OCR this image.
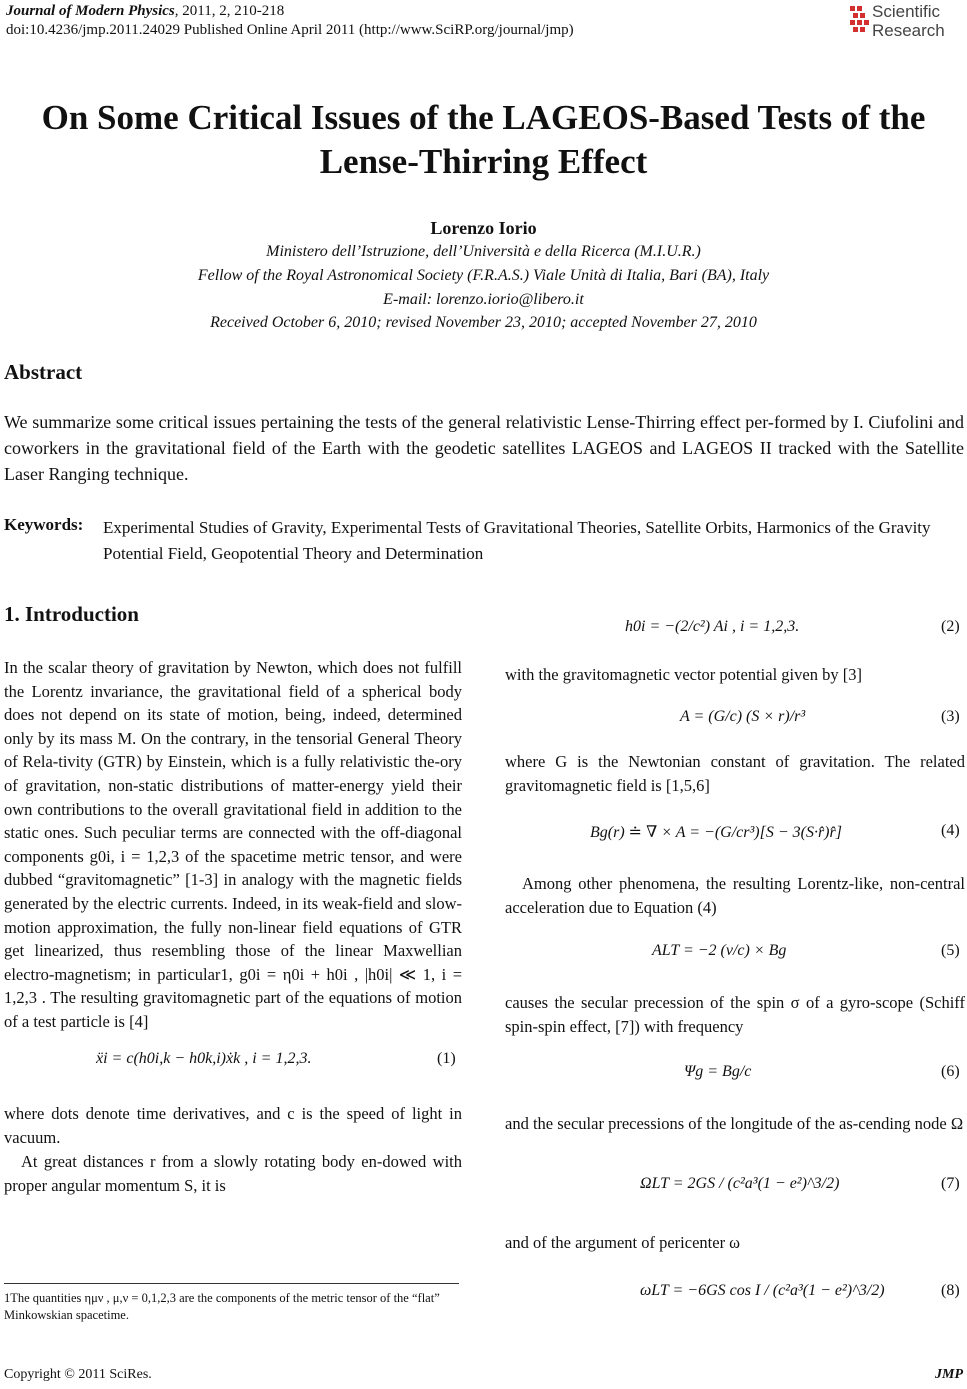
Journal of Modern Physics, 2011, 2, 210-218
doi:10.4236/jmp.2011.24029 Published Online April 2011 (http://www.SciRP.org/journal/jmp)
Scientific
Research
On Some Critical Issues of the LAGEOS-Based Tests of the
Lense-Thirring Effect
Lorenzo Iorio
Ministero dell’Istruzione, dell’Università e della Ricerca (M.I.U.R.)
Fellow of the Royal Astronomical Society (F.R.A.S.) Viale Unità di Italia, Bari (BA), Italy
E-mail: lorenzo.iorio@libero.it
Received October 6, 2010; revised November 23, 2010; accepted November 27, 2010
Abstract
We summarize some critical issues pertaining the tests of the general relativistic Lense-Thirring effect per-formed by I. Ciufolini and coworkers in the gravitational field of the Earth with the geodetic satellites LAGEOS and LAGEOS II tracked with the Satellite Laser Ranging technique.
Keywords: Experimental Studies of Gravity, Experimental Tests of Gravitational Theories, Satellite Orbits, Harmonics of the Gravity Potential Field, Geopotential Theory and Determination
1. Introduction
In the scalar theory of gravitation by Newton, which does not fulfill the Lorentz invariance, the gravitational field of a spherical body does not depend on its state of motion, being, indeed, determined only by its mass M. On the contrary, in the tensorial General Theory of Rela-tivity (GTR) by Einstein, which is a fully relativistic the-ory of gravitation, non-static distributions of matter-energy yield their own contributions to the overall gravitational field in addition to the static ones. Such peculiar terms are connected with the off-diagonal components g0i, i = 1,2,3 of the spacetime metric tensor, and were dubbed “gravitomagnetic” [1-3] in analogy with the magnetic fields generated by the electric currents. Indeed, in its weak-field and slow-motion approximation, the fully non-linear field equations of GTR get linearized, thus resembling those of the linear Maxwellian electro-magnetism; in particular1, g0i = η0i + h0i , |h0i| ≪ 1, i = 1,2,3 . The resulting gravitomagnetic part of the equations of motion of a test particle is [4]
ẍi = c(h0i,k − h0k,i)ẋk , i = 1,2,3.	(1)
where dots denote time derivatives, and c is the speed of light in vacuum.
At great distances r from a slowly rotating body en-dowed with proper angular momentum S, it is
1The quantities ημν , μ,ν = 0,1,2,3 are the components of the metric tensor of the “flat” Minkowskian spacetime.
h0i = −(2/c²) Ai , i = 1,2,3.	(2)
with the gravitomagnetic vector potential given by [3]
A = (G/c) (S × r)/r³	(3)
where G is the Newtonian constant of gravitation. The related gravitomagnetic field is [1,5,6]
Bg(r) ≐ ∇ × A = −(G/cr³)[S − 3(S·r̂)r̂]	(4)
Among other phenomena, the resulting Lorentz-like, non-central acceleration due to Equation (4)
ALT = −2 (v/c) × Bg	(5)
causes the secular precession of the spin σ of a gyro-scope (Schiff spin-spin effect, [7]) with frequency
Ψg = Bg/c	(6)
and the secular precessions of the longitude of the as-cending node Ω
Ω̇LT = 2GS / (c²a³(1 − e²)^3/2)	(7)
and of the argument of pericenter ω
ω̇LT = −6GS cos I / (c²a³(1 − e²)^3/2)	(8)
Copyright © 2011 SciRes.	JMP
